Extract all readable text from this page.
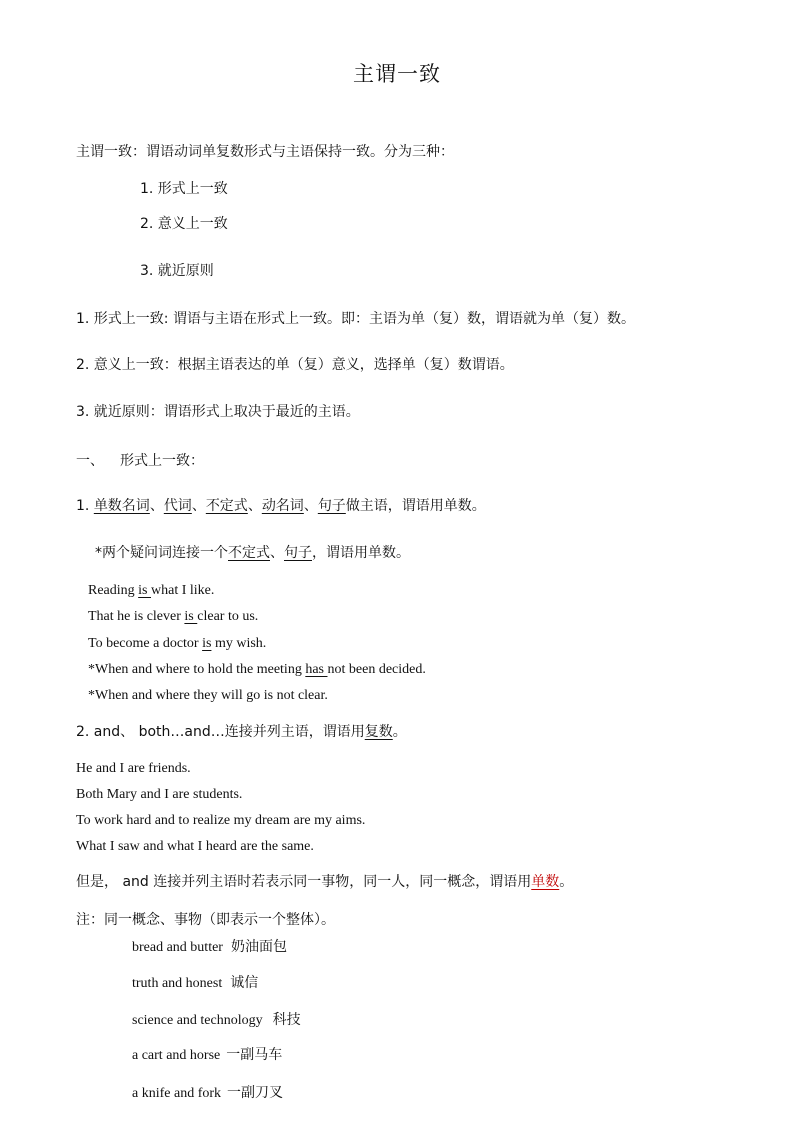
主谓一致
主谓一致：谓语动词单复数形式与主语保持一致。分为三种：
1. 形式上一致
2. 意义上一致
3. 就近原则
1. 形式上一致: 谓语与主语在形式上一致。即：主语为单（复）数，谓语就为单（复）数。
2. 意义上一致：根据主语表达的单（复）意义，选择单（复）数谓语。
3. 就近原则：谓语形式上取决于最近的主语。
一、 形式上一致：
1. 单数名词、代词、不定式、动名词、句子做主语，谓语用单数。
*两个疑问词连接一个不定式、句子，谓语用单数。
Reading is what I like.
That he is clever is clear to us.
To become a doctor is my wish.
*When and where to hold the meeting has not been decided.
*When and where they will go is not clear.
2. and、 both…and…连接并列主语，谓语用复数。
He and I are friends.
Both Mary and I are students.
To work hard and to realize my dream are my aims.
What I saw and what I heard are the same.
但是， and 连接并列主语时若表示同一事物，同一人，同一概念，谓语用单数。
注：同一概念、事物（即表示一个整体）。
bread and butter 奶油面包
truth and honest 诚信
science and technology 科技
a cart and horse 一副马车
a knife and fork 一副刀叉
